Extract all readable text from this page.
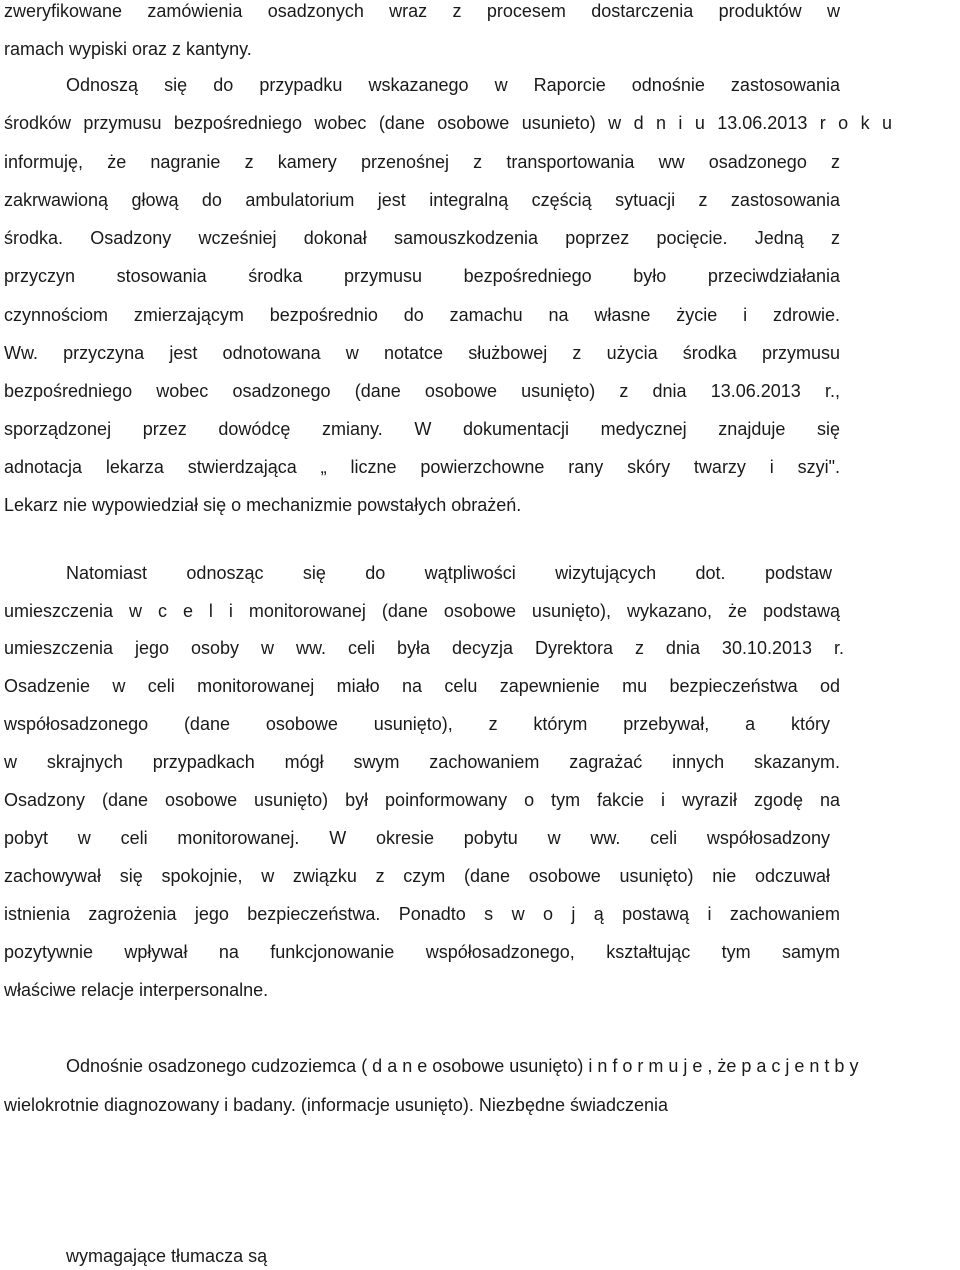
zweryfikowane zamówienia osadzonych wraz z procesem dostarczenia produktów w
ramach wypiski oraz z kantyny.
Odnoszą się do przypadku wskazanego w Raporcie odnośnie zastosowania
środków przymusu bezpośredniego wobec (dane osobowe usunieto) w d n i u 13.06.2013 r o k u
informuję, że nagranie z kamery przenośnej z transportowania ww osadzonego z
zakrwawioną głową do ambulatorium jest integralną częścią sytuacji z zastosowania
środka. Osadzony wcześniej dokonał samouszkodzenia poprzez pocięcie. Jedną z
przyczyn stosowania środka przymusu bezpośredniego było przeciwdziałania
czynnościom zmierzającym bezpośrednio do zamachu na własne życie i zdrowie.
Ww. przyczyna jest odnotowana w notatce służbowej z użycia środka przymusu
bezpośredniego wobec osadzonego (dane osobowe usunięto) z dnia 13.06.2013 r.,
sporządzonej przez dowódcę zmiany. W dokumentacji medycznej znajduje się
adnotacja lekarza stwierdzająca „ liczne powierzchowne rany skóry twarzy i szyi".
Lekarz nie wypowiedział się o mechanizmie powstałych obrażeń.
Natomiast odnosząc się do wątpliwości wizytujących dot. podstaw
umieszczenia w c e l i monitorowanej (dane osobowe usunięto), wykazano, że podstawą
umieszczenia jego osoby w ww. celi była decyzja Dyrektora z dnia 30.10.2013 r.
Osadzenie w celi monitorowanej miało na celu zapewnienie mu bezpieczeństwa od
współosadzonego (dane osobowe usunięto), z którym przebywał, a który
w skrajnych przypadkach mógł swym zachowaniem zagrażać innych skazanym.
Osadzony (dane osobowe usunięto) był poinformowany o tym fakcie i wyraził zgodę na
pobyt w celi monitorowanej. W okresie pobytu w ww. celi współosadzony
zachowywał się spokojnie, w związku z czym (dane osobowe usunięto) nie odczuwał
istnienia zagrożenia jego bezpieczeństwa. Ponadto s w o j ą postawą i zachowaniem
pozytywnie wpływał na funkcjonowanie współosadzonego, kształtując tym samym
właściwe relacje interpersonalne.
Odnośnie osadzonego cudzoziemca ( d a n e osobowe usunięto) i n f o r m u j e , że p a c j e n t b y
wielokrotnie diagnozowany i badany. (informacje usunięto). Niezbędne świadczenia
wymagające tłumacza są
